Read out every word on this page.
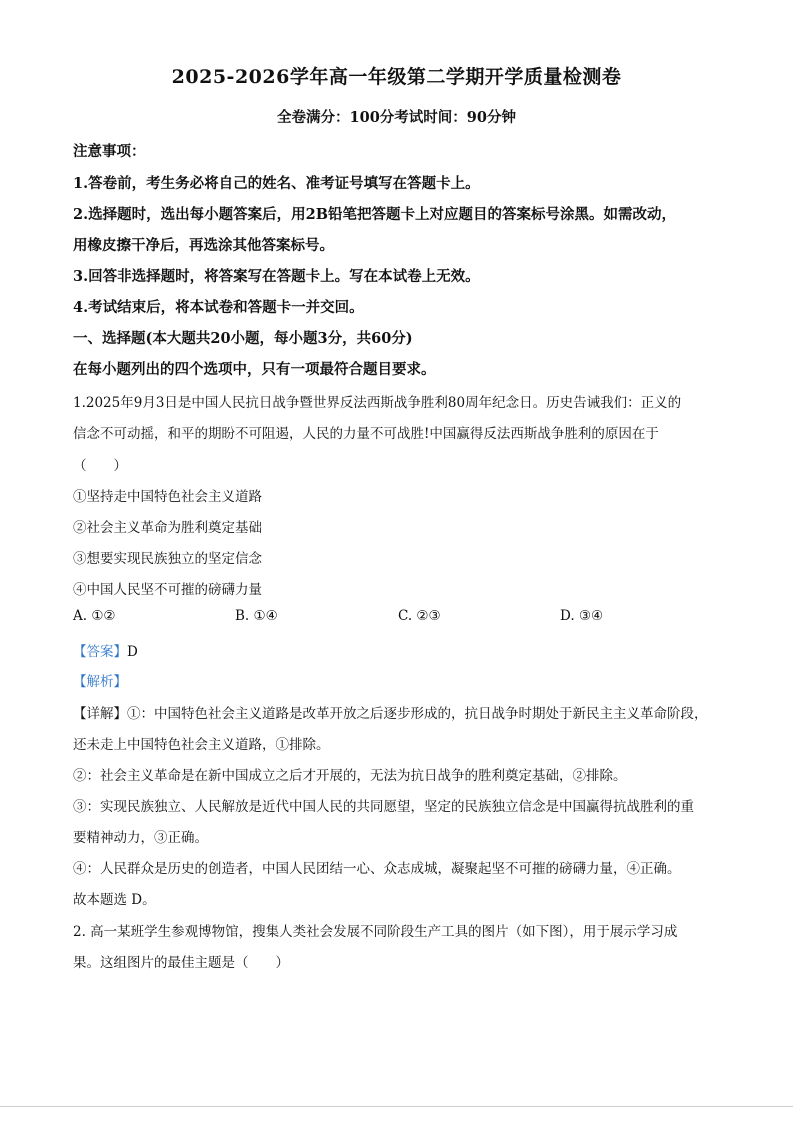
2025-2026学年高一年级第二学期开学质量检测卷
全卷满分：100分考试时间：90分钟
注意事项：
1.答卷前，考生务必将自己的姓名、准考证号填写在答题卡上。
2.选择题时，选出每小题答案后，用2B铅笔把答题卡上对应题目的答案标号涂黑。如需改动，
用橡皮擦干净后，再选涂其他答案标号。
3.回答非选择题时，将答案写在答题卡上。写在本试卷上无效。
4.考试结束后，将本试卷和答题卡一并交回。
一、选择题(本大题共20小题，每小题3分，共60分)
在每小题列出的四个选项中，只有一项最符合题目要求。
1.2025年9月3日是中国人民抗日战争暨世界反法西斯战争胜利80周年纪念日。历史告诫我们：正义的
信念不可动摇，和平的期盼不可阻遏，人民的力量不可战胜!中国赢得反法西斯战争胜利的原因在于
（　　）
①坚持走中国特色社会主义道路
②社会主义革命为胜利奠定基础
③想要实现民族独立的坚定信念
④中国人民坚不可摧的磅礴力量
A. ①②	B. ①④	C. ②③	D. ③④
【答案】D
【解析】
【详解】①：中国特色社会主义道路是改革开放之后逐步形成的，抗日战争时期处于新民主主义革命阶段，
还未走上中国特色社会主义道路，①排除。
②：社会主义革命是在新中国成立之后才开展的，无法为抗日战争的胜利奠定基础，②排除。
③：实现民族独立、人民解放是近代中国人民的共同愿望，坚定的民族独立信念是中国赢得抗战胜利的重
要精神动力，③正确。
④：人民群众是历史的创造者，中国人民团结一心、众志成城，凝聚起坚不可摧的磅礴力量，④正确。
故本题选 D。
2. 高一某班学生参观博物馆，搜集人类社会发展不同阶段生产工具的图片（如下图），用于展示学习成
果。这组图片的最佳主题是（　　）
